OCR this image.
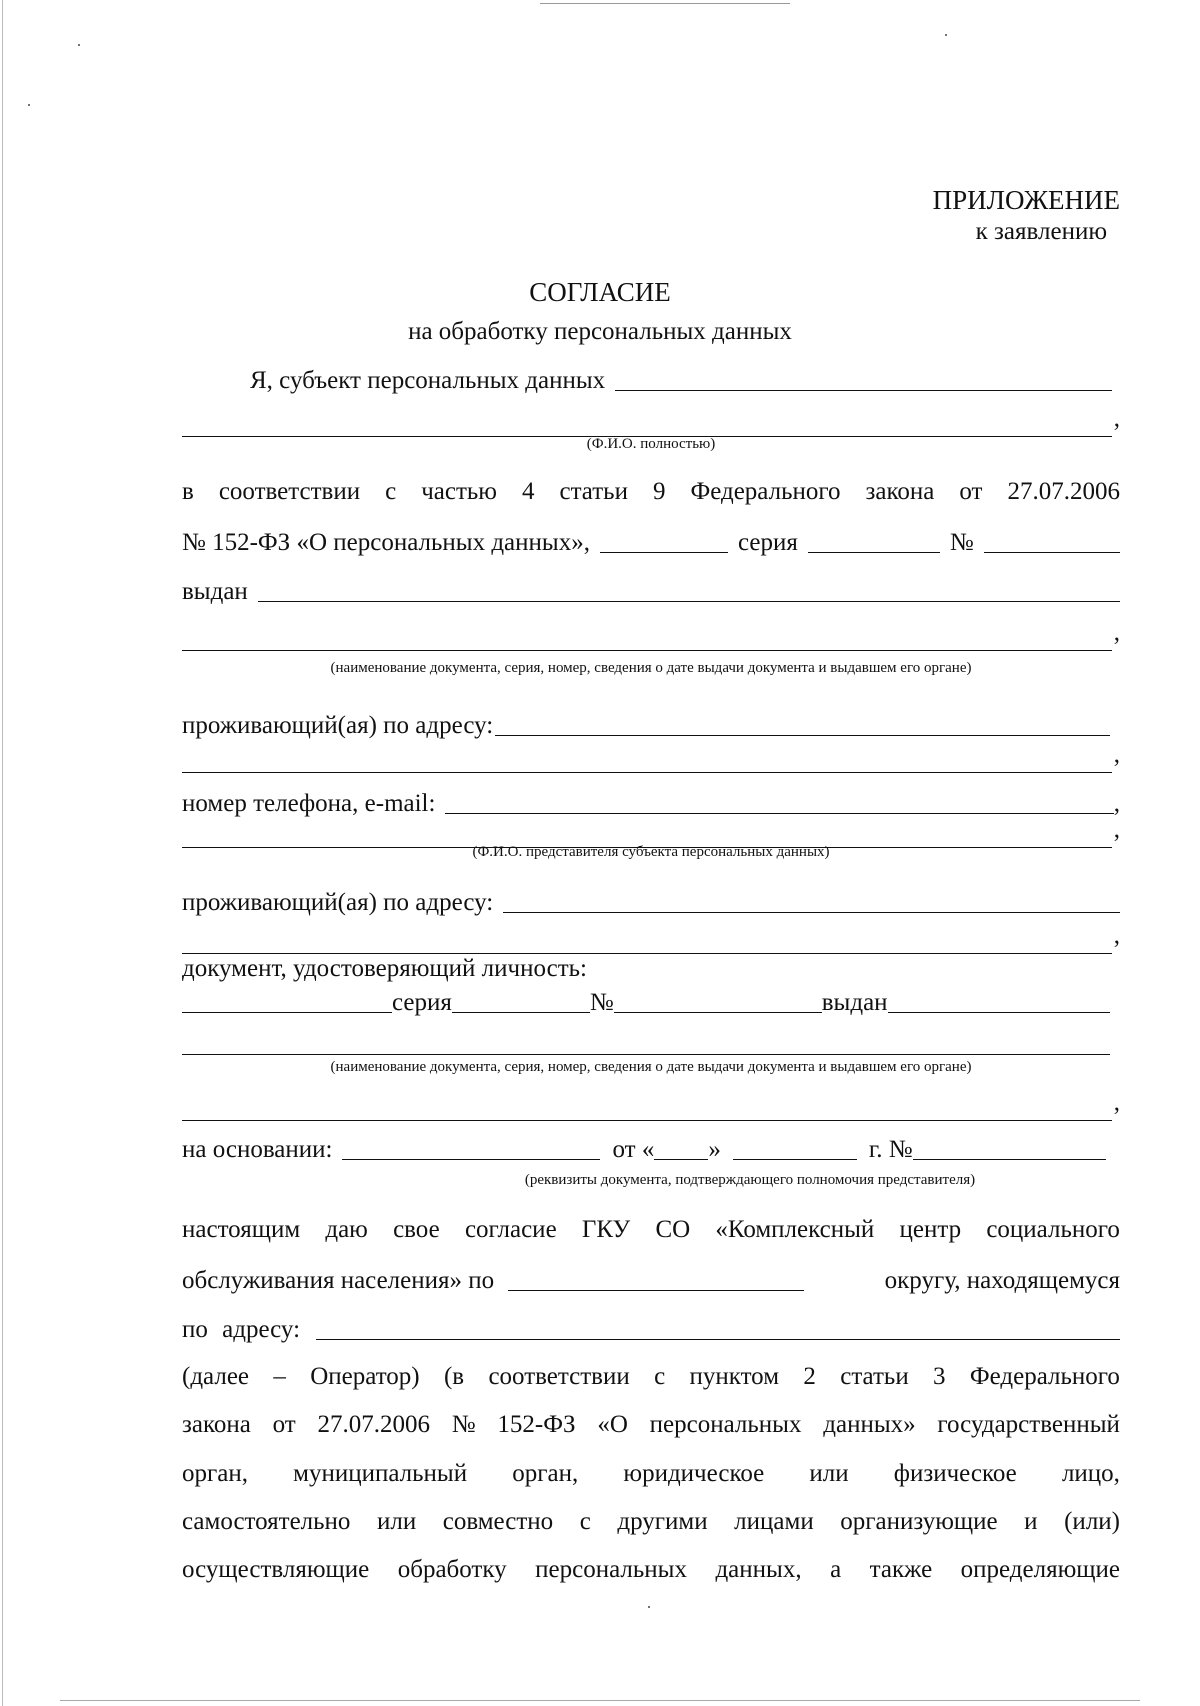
ПРИЛОЖЕНИЕ
к заявлению
СОГЛАСИЕ
на обработку персональных данных
Я, субъект персональных данных
,
(Ф.И.О. полностью)
в соответствии с частью 4 статьи 9 Федерального закона от 27.07.2006
№ 152-ФЗ «О персональных данных»,	серия	№
выдан
,
(наименование документа, серия, номер, сведения о дате выдачи документа и выдавшем его органе)
проживающий(ая) по адресу:
,
номер телефона, e-mail:	,
,
(Ф.И.О. представителя субъекта персональных данных)
проживающий(ая) по адресу:
,
документ, удостоверяющий личность:
серия	№	выдан
(наименование документа, серия, номер, сведения о дате выдачи документа и выдавшем его органе)
,
на основании:	от « »	г. №
(реквизиты документа, подтверждающего полномочия представителя)
настоящим даю свое согласие ГКУ СО «Комплексный центр социального
обслуживания населения» по	округу, находящемуся
по адресу:
(далее – Оператор) (в соответствии с пунктом 2 статьи 3 Федерального
закона от 27.07.2006 № 152-ФЗ «О персональных данных» государственный
орган, муниципальный орган, юридическое или физическое лицо,
самостоятельно или совместно с другими лицами организующие и (или)
осуществляющие обработку персональных данных, а также определяющие
